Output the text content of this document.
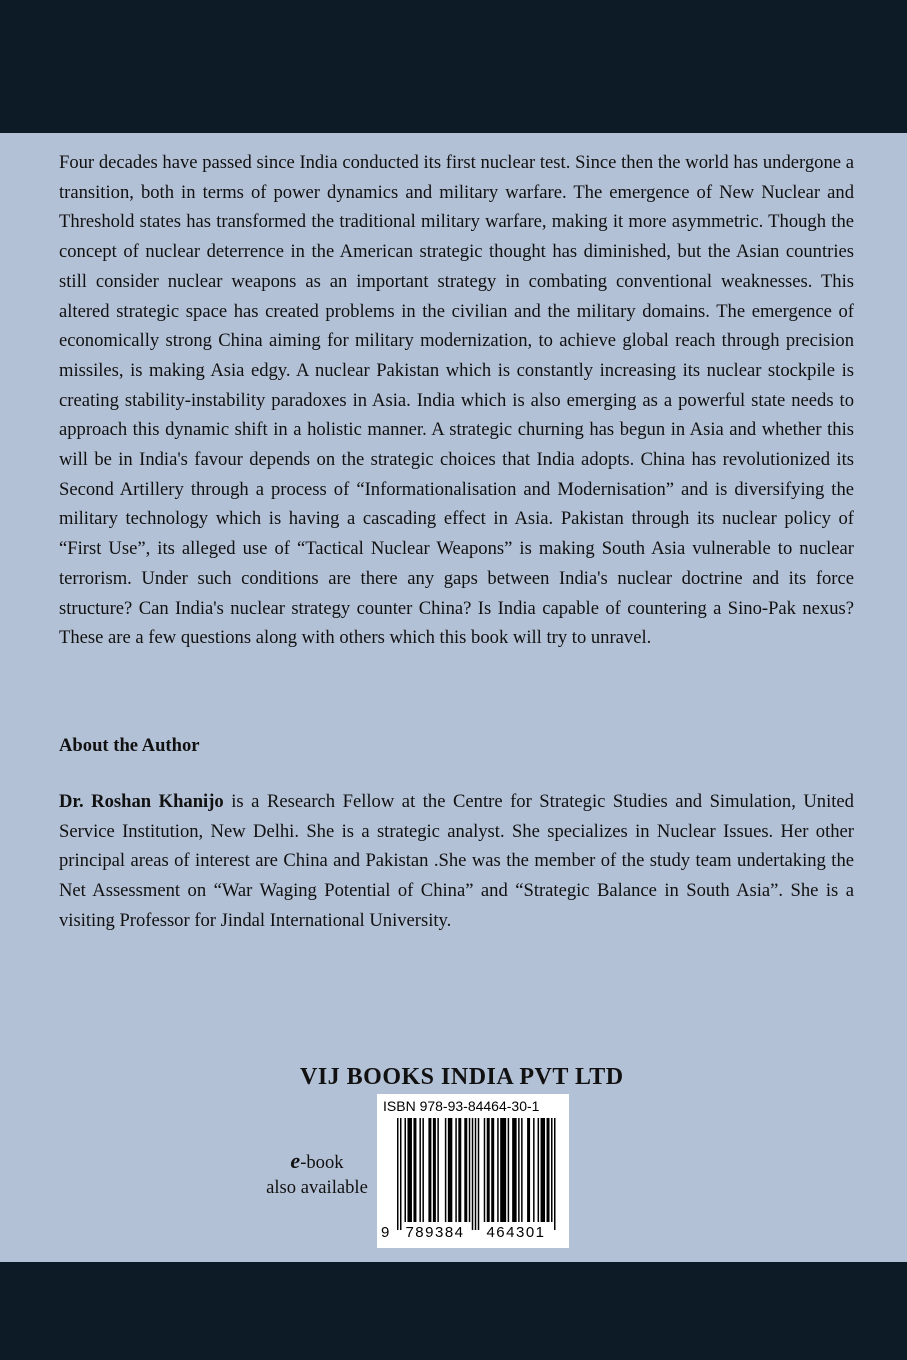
Four decades have passed since India conducted its first nuclear test. Since then the world has undergone a transition, both in terms of power dynamics and military warfare. The emergence of New Nuclear and Threshold states has transformed the traditional military warfare, making it more asymmetric. Though the concept of nuclear deterrence in the American strategic thought has diminished, but the Asian countries still consider nuclear weapons as an important strategy in combating conventional weaknesses. This altered strategic space has created problems in the civilian and the military domains. The emergence of economically strong China aiming for military modernization, to achieve global reach through precision missiles, is making Asia edgy. A nuclear Pakistan which is constantly increasing its nuclear stockpile is creating stability-instability paradoxes in Asia. India which is also emerging as a powerful state needs to approach this dynamic shift in a holistic manner. A strategic churning has begun in Asia and whether this will be in India's favour depends on the strategic choices that India adopts. China has revolutionized its Second Artillery through a process of “Informationalisation and Modernisation” and is diversifying the military technology which is having a cascading effect in Asia. Pakistan through its nuclear policy of “First Use”, its alleged use of “Tactical Nuclear Weapons” is making South Asia vulnerable to nuclear terrorism. Under such conditions are there any gaps between India's nuclear doctrine and its force structure? Can India's nuclear strategy counter China? Is India capable of countering a Sino-Pak nexus? These are a few questions along with others which this book will try to unravel.

About the Author

Dr. Roshan Khanijo is a Research Fellow at the Centre for Strategic Studies and Simulation, United Service Institution, New Delhi. She is a strategic analyst. She specializes in Nuclear Issues. Her other principal areas of interest are China and Pakistan .She was the member of the study team undertaking the Net Assessment on “War Waging Potential of China” and “Strategic Balance in South Asia”. She is a visiting Professor for Jindal International University.

VIJ BOOKS INDIA PVT LTD
e-book
also available
ISBN 978-93-84464-30-1
9	789384	464301
